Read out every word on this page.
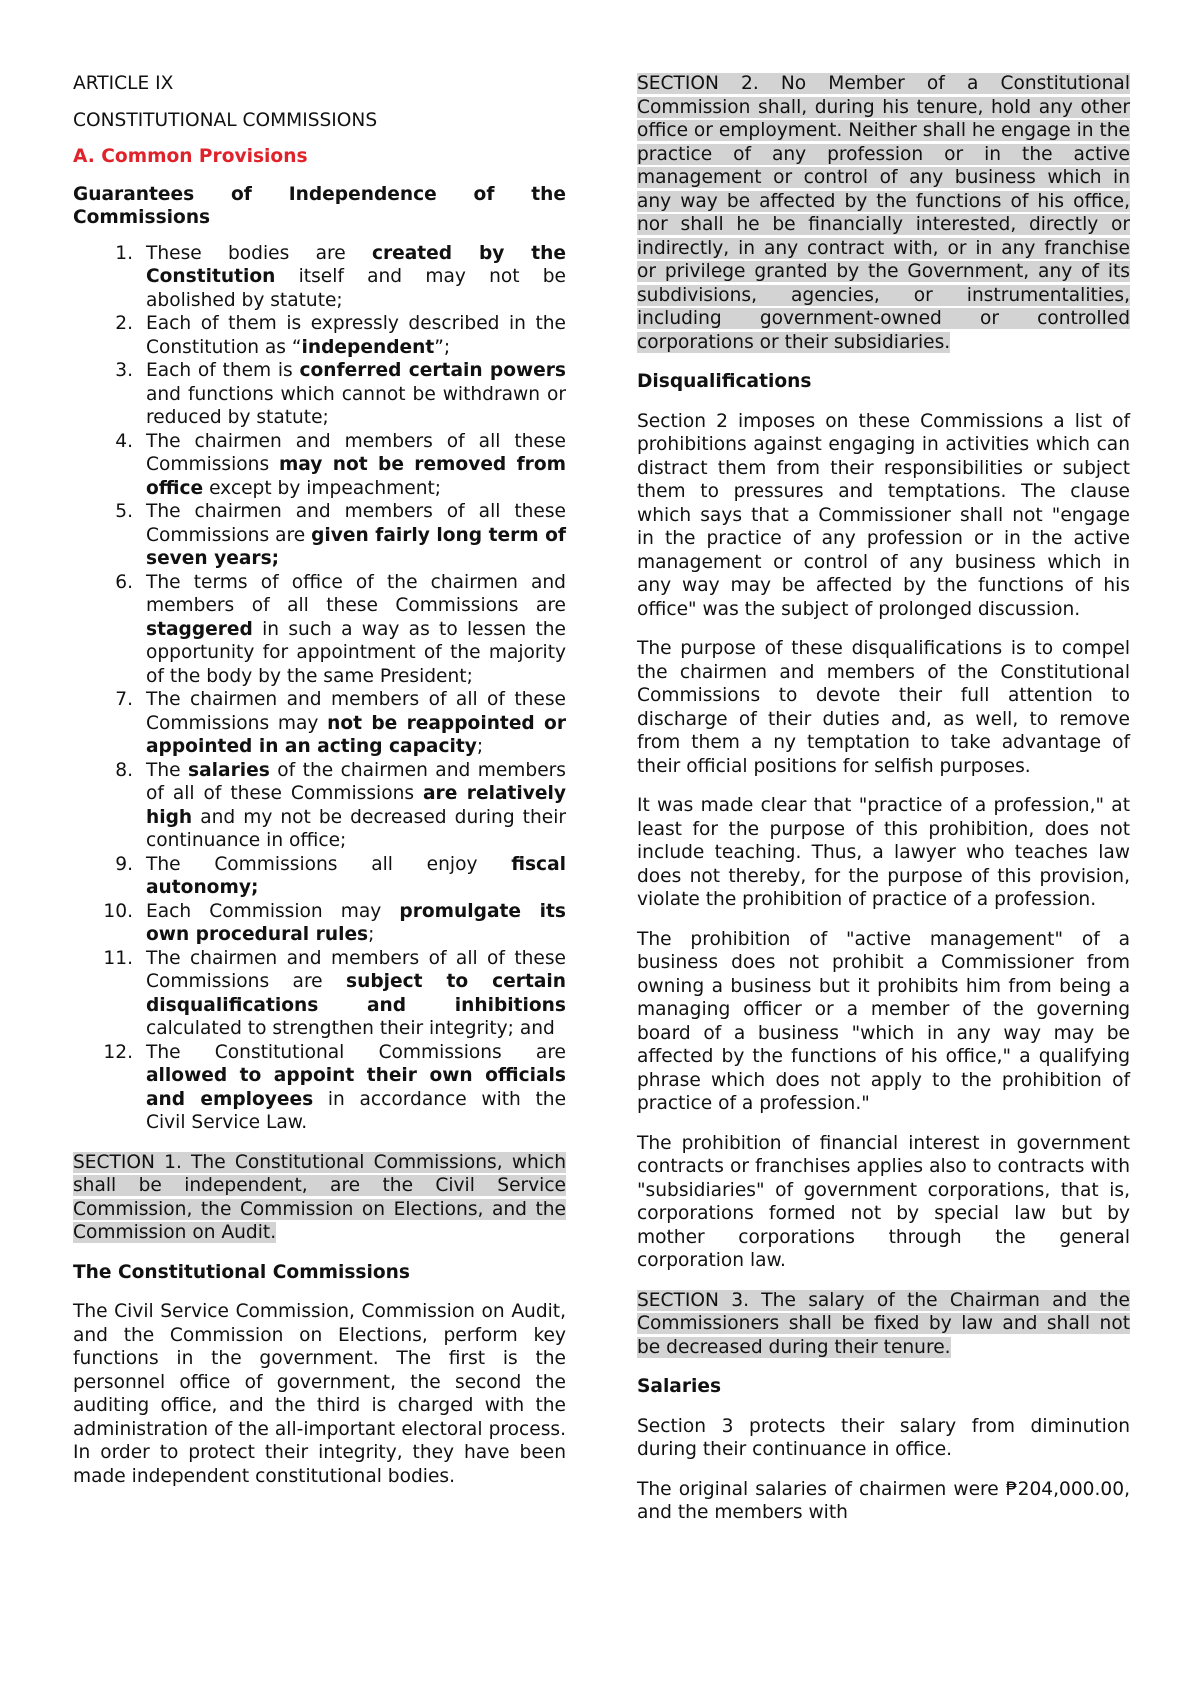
ARTICLE IX

CONSTITUTIONAL COMMISSIONS

A. Common Provisions

Guarantees of Independence of the Commissions

1. These bodies are created by the Constitution itself and may not be abolished by statute;
2. Each of them is expressly described in the Constitution as “independent”;
3. Each of them is conferred certain powers and functions which cannot be withdrawn or reduced by statute;
4. The chairmen and members of all these Commissions may not be removed from office except by impeachment;
5. The chairmen and members of all these Commissions are given fairly long term of seven years;
6. The terms of office of the chairmen and members of all these Commissions are staggered in such a way as to lessen the opportunity for appointment of the majority of the body by the same President;
7. The chairmen and members of all of these Commissions may not be reappointed or appointed in an acting capacity;
8. The salaries of the chairmen and members of all of these Commissions are relatively high and my not be decreased during their continuance in office;
9. The Commissions all enjoy fiscal autonomy;
10. Each Commission may promulgate its own procedural rules;
11. The chairmen and members of all of these Commissions are subject to certain disqualifications and inhibitions calculated to strengthen their integrity; and
12. The Constitutional Commissions are allowed to appoint their own officials and employees in accordance with the Civil Service Law.

SECTION 1. The Constitutional Commissions, which shall be independent, are the Civil Service Commission, the Commission on Elections, and the Commission on Audit.

The Constitutional Commissions

The Civil Service Commission, Commission on Audit, and the Commission on Elections, perform key functions in the government. The first is the personnel office of government, the second the auditing office, and the third is charged with the administration of the all-important electoral process. In order to protect their integrity, they have been made independent constitutional bodies.

SECTION 2. No Member of a Constitutional Commission shall, during his tenure, hold any other office or employment. Neither shall he engage in the practice of any profession or in the active management or control of any business which in any way be affected by the functions of his office, nor shall he be financially interested, directly or indirectly, in any contract with, or in any franchise or privilege granted by the Government, any of its subdivisions, agencies, or instrumentalities, including government-owned or controlled corporations or their subsidiaries.

Disqualifications

Section 2 imposes on these Commissions a list of prohibitions against engaging in activities which can distract them from their responsibilities or subject them to pressures and temptations. The clause which says that a Commissioner shall not "engage in the practice of any profession or in the active management or control of any business which in any way may be affected by the functions of his office" was the subject of prolonged discussion.

The purpose of these disqualifications is to compel the chairmen and members of the Constitutional Commissions to devote their full attention to discharge of their duties and, as well, to remove from them a ny temptation to take advantage of their official positions for selfish purposes.

It was made clear that "practice of a profession," at least for the purpose of this prohibition, does not include teaching. Thus, a lawyer who teaches law does not thereby, for the purpose of this provision, violate the prohibition of practice of a profession.

The prohibition of "active management" of a business does not prohibit a Commissioner from owning a business but it prohibits him from being a managing officer or a member of the governing board of a business "which in any way may be affected by the functions of his office," a qualifying phrase which does not apply to the prohibition of practice of a profession."

The prohibition of financial interest in government contracts or franchises applies also to contracts with "subsidiaries" of government corporations, that is, corporations formed not by special law but by mother corporations through the general corporation law.

SECTION 3. The salary of the Chairman and the Commissioners shall be fixed by law and shall not be decreased during their tenure.

Salaries

Section 3 protects their salary from diminution during their continuance in office.

The original salaries of chairmen were ₱204,000.00, and the members with
